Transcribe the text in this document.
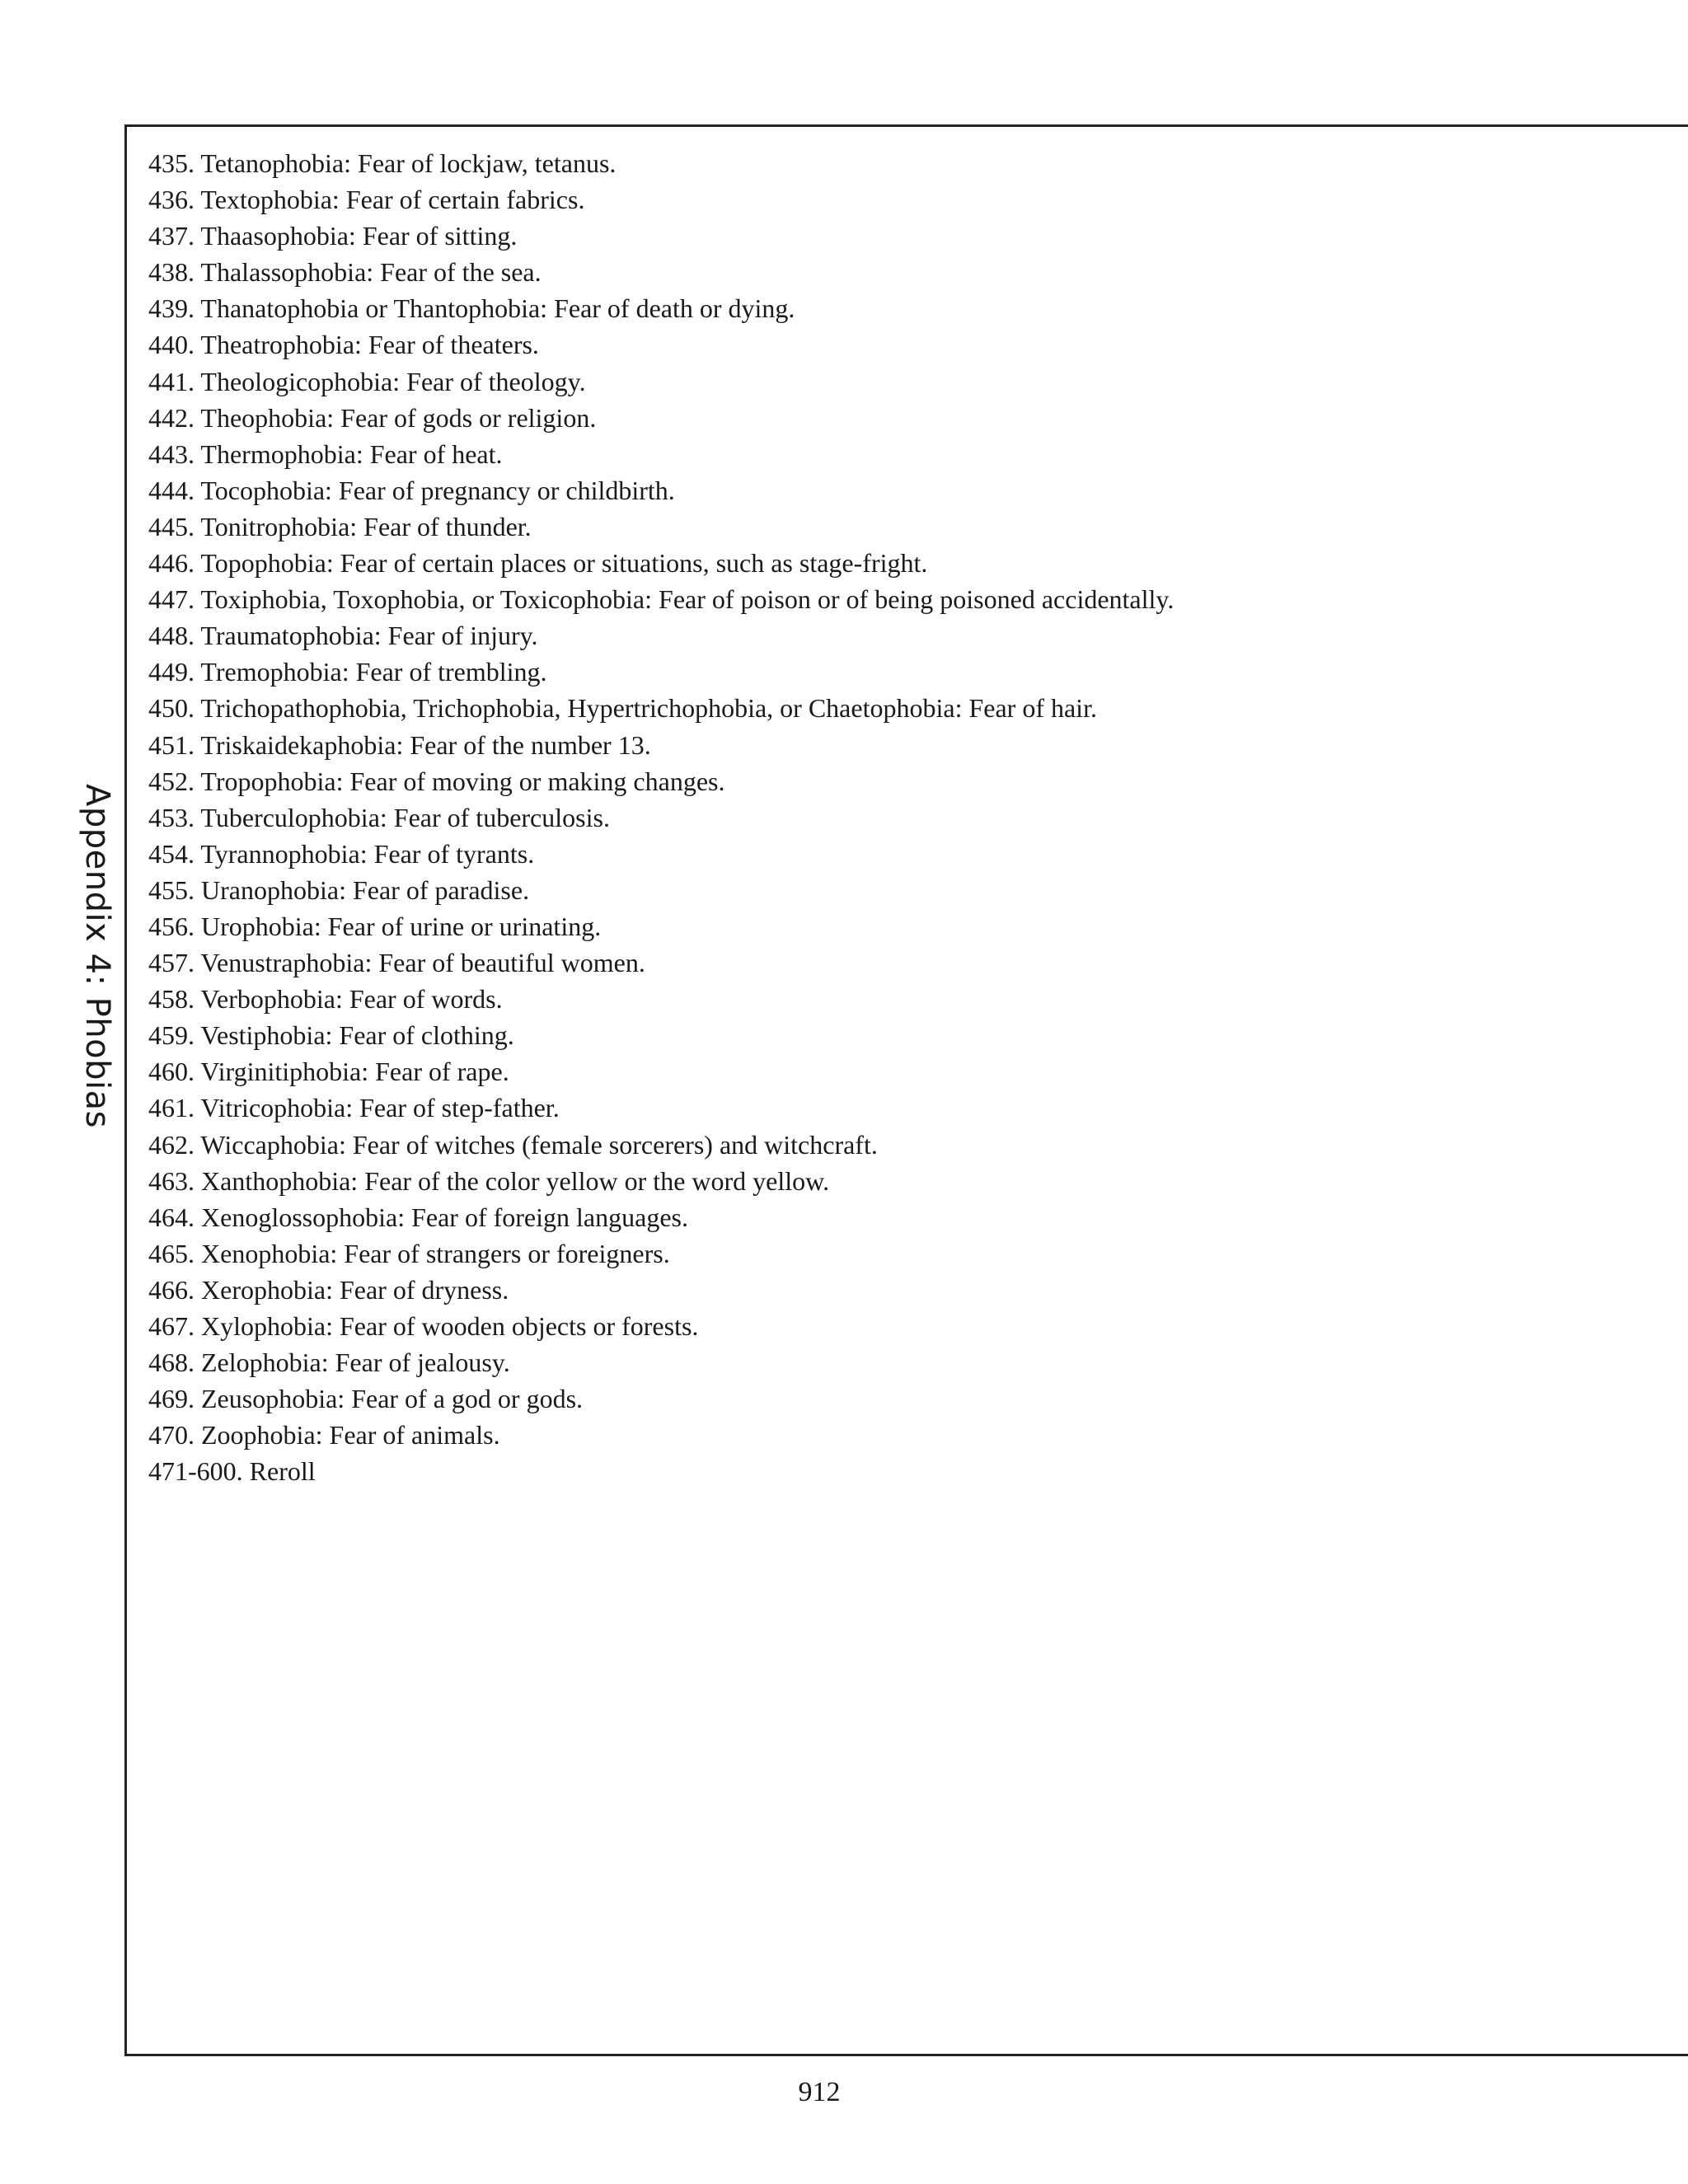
Appendix 4: Phobias
435. Tetanophobia: Fear of lockjaw, tetanus.
436. Textophobia: Fear of certain fabrics.
437. Thaasophobia: Fear of sitting.
438. Thalassophobia: Fear of the sea.
439. Thanatophobia or Thantophobia: Fear of death or dying.
440. Theatrophobia: Fear of theaters.
441. Theologicophobia: Fear of theology.
442. Theophobia: Fear of gods or religion.
443. Thermophobia: Fear of heat.
444. Tocophobia: Fear of pregnancy or childbirth.
445. Tonitrophobia: Fear of thunder.
446. Topophobia: Fear of certain places or situations, such as stage-fright.
447. Toxiphobia, Toxophobia, or Toxicophobia: Fear of poison or of being poisoned accidentally.
448. Traumatophobia: Fear of injury.
449. Tremophobia: Fear of trembling.
450. Trichopathophobia, Trichophobia, Hypertrichophobia, or Chaetophobia: Fear of hair.
451. Triskaidekaphobia: Fear of the number 13.
452. Tropophobia: Fear of moving or making changes.
453. Tuberculophobia: Fear of tuberculosis.
454. Tyrannophobia: Fear of tyrants.
455. Uranophobia: Fear of paradise.
456. Urophobia: Fear of urine or urinating.
457. Venustraphobia: Fear of beautiful women.
458. Verbophobia: Fear of words.
459. Vestiphobia: Fear of clothing.
460. Virginitiphobia: Fear of rape.
461. Vitricophobia: Fear of step-father.
462. Wiccaphobia: Fear of witches (female sorcerers) and witchcraft.
463. Xanthophobia: Fear of the color yellow or the word yellow.
464. Xenoglossophobia: Fear of foreign languages.
465. Xenophobia: Fear of strangers or foreigners.
466. Xerophobia: Fear of dryness.
467. Xylophobia: Fear of wooden objects or forests.
468. Zelophobia: Fear of jealousy.
469. Zeusophobia: Fear of a god or gods.
470. Zoophobia: Fear of animals.
471-600. Reroll
912
